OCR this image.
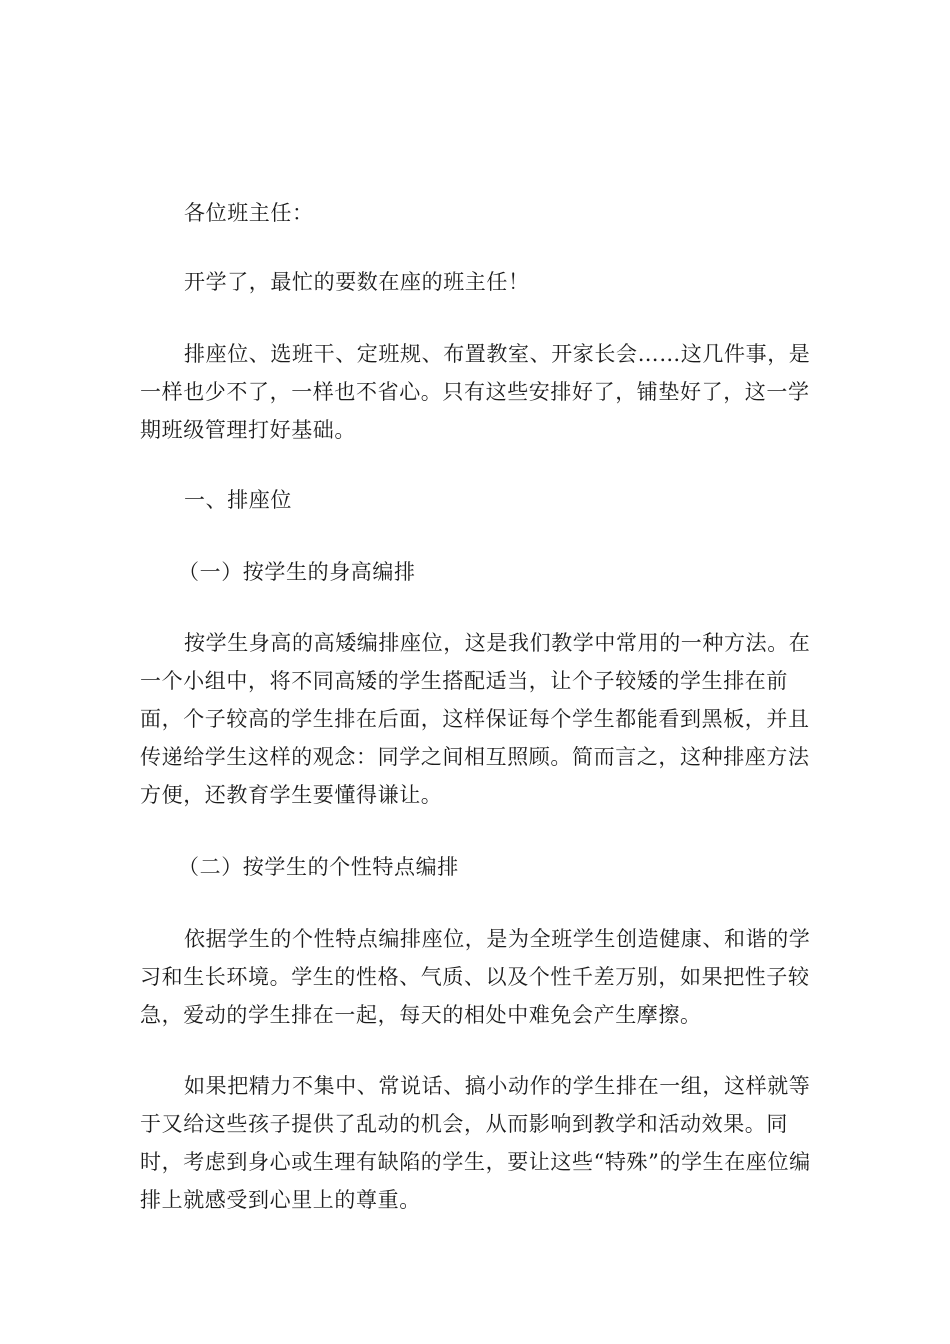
各位班主任：

开学了，最忙的要数在座的班主任！

排座位、选班干、定班规、布置教室、开家长会……这几件事，是一样也少不了，一样也不省心。只有这些安排好了，铺垫好了，这一学期班级管理打好基础。

一、排座位

（一）按学生的身高编排

按学生身高的高矮编排座位，这是我们教学中常用的一种方法。在一个小组中，将不同高矮的学生搭配适当，让个子较矮的学生排在前面，个子较高的学生排在后面，这样保证每个学生都能看到黑板，并且传递给学生这样的观念：同学之间相互照顾。简而言之，这种排座方法方便，还教育学生要懂得谦让。

（二）按学生的个性特点编排

依据学生的个性特点编排座位，是为全班学生创造健康、和谐的学习和生长环境。学生的性格、气质、以及个性千差万别，如果把性子较急，爱动的学生排在一起，每天的相处中难免会产生摩擦。

如果把精力不集中、常说话、搞小动作的学生排在一组，这样就等于又给这些孩子提供了乱动的机会，从而影响到教学和活动效果。同时，考虑到身心或生理有缺陷的学生，要让这些“特殊”的学生在座位编排上就感受到心里上的尊重。
